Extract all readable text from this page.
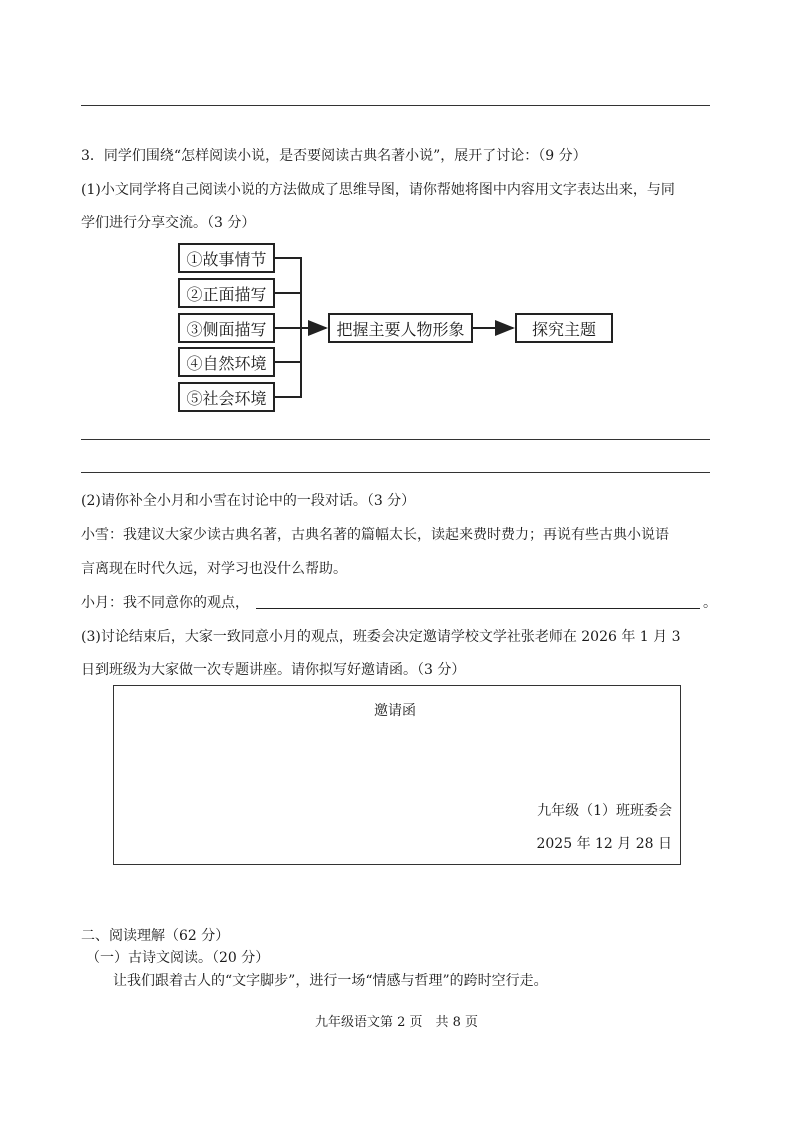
3．同学们围绕“怎样阅读小说，是否要阅读古典名著小说”，展开了讨论：（9 分）
(1)小文同学将自己阅读小说的方法做成了思维导图，请你帮她将图中内容用文字表达出来，与同
学们进行分享交流。（3 分）
①故事情节
②正面描写
③侧面描写
④自然环境
⑤社会环境
把握主要人物形象	探究主题
(2)请你补全小月和小雪在讨论中的一段对话。（3 分）
小雪：我建议大家少读古典名著，古典名著的篇幅太长，读起来费时费力；再说有些古典小说语
言离现在时代久远，对学习也没什么帮助。
小月：我不同意你的观点，	。
(3)讨论结束后，大家一致同意小月的观点，班委会决定邀请学校文学社张老师在 2026 年 1 月 3
日到班级为大家做一次专题讲座。请你拟写好邀请函。（3 分）
邀请函
九年级（1）班班委会
2025 年 12 月 28 日
二、阅读理解（62 分）
（一）古诗文阅读。（20 分）
让我们跟着古人的“文字脚步”，进行一场“情感与哲理”的跨时空行走。
九年级语文第 2 页　共 8 页
